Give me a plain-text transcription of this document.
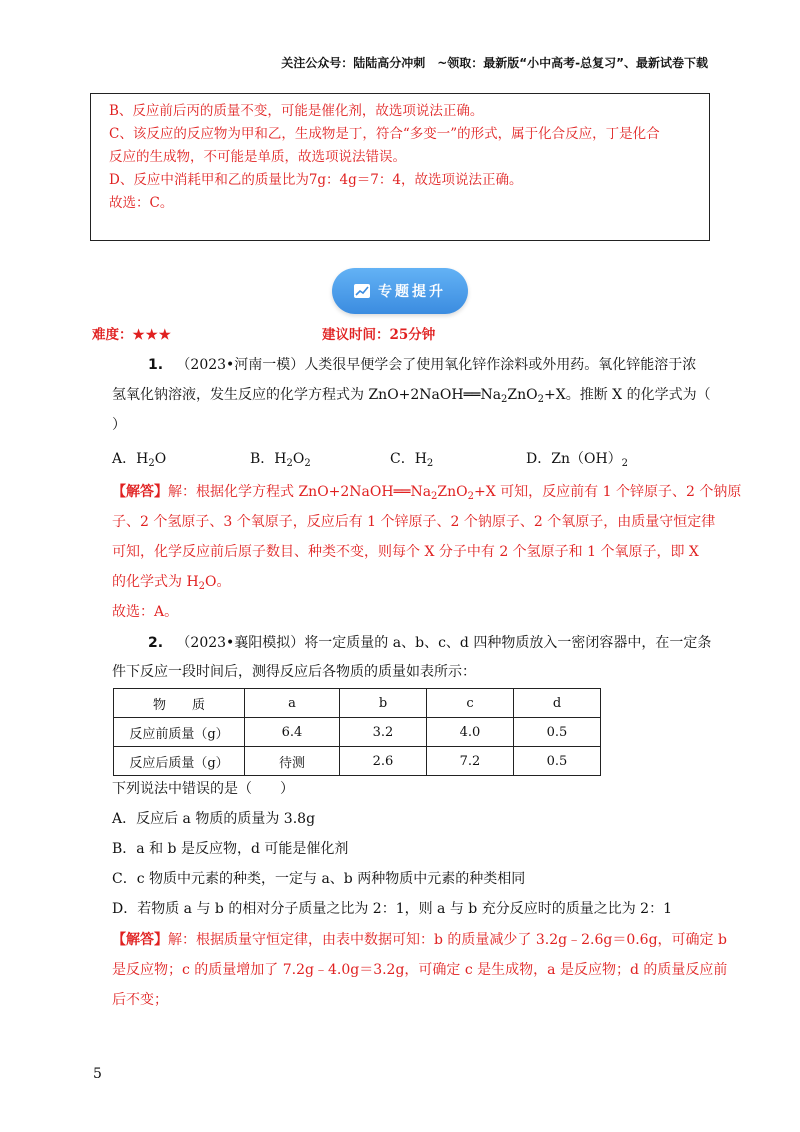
关注公众号：陆陆高分冲刺　~领取：最新版“小中高考-总复习”、最新试卷下载

B、反应前后丙的质量不变，可能是催化剂，故选项说法正确。

C、该反应的反应物为甲和乙，生成物是丁，符合“多变一”的形式，属于化合反应，丁是化合

反应的生成物，不可能是单质，故选项说法错误。

D、反应中消耗甲和乙的质量比为7g：4g＝7：4，故选项说法正确。

故选：C。

专题提升
难度：★★★	建议时间：25分钟
1. （2023•河南一模）人类很早便学会了使用氧化锌作涂料或外用药。氧化锌能溶于浓
氢氧化钠溶液，发生反应的化学方程式为 $ZnO+2NaOH══Na_2ZnO_2+X$。推断 X 的化学式为（
）
A．$H_2O$	B．$H_2O_2$	C．$H_2$	D．$Zn(OH)_2$
【解答】解：根据化学方程式 $ZnO+2NaOH══Na_2ZnO_2+X$ 可知，反应前有 1 个锌原子、2 个钠原
子、2 个氢原子、3 个氧原子，反应后有 1 个锌原子、2 个钠原子、2 个氧原子，由质量守恒定律
可知，化学反应前后原子数目、种类不变，则每个 X 分子中有 2 个氢原子和 1 个氧原子，即 X
的化学式为 $H_2O$。
故选：A。
2. （2023•襄阳模拟）将一定质量的 a、b、c、d 四种物质放入一密闭容器中，在一定条
件下反应一段时间后，测得反应后各物质的质量如表所示：
物　　质	a	b	c	d
反应前质量（g）	6.4	3.2	4.0	0.5
反应后质量（g）	待测	2.6	7.2	0.5
下列说法中错误的是（　　）
A．反应后 a 物质的质量为 3.8g
B．a 和 b 是反应物，d 可能是催化剂
C．c 物质中元素的种类，一定与 a、b 两种物质中元素的种类相同
D．若物质 a 与 b 的相对分子质量之比为 2：1，则 a 与 b 充分反应时的质量之比为 2：1
【解答】解：根据质量守恒定律，由表中数据可知：b 的质量减少了 3.2g﹣2.6g＝0.6g，可确定 b
是反应物；c 的质量增加了 7.2g﹣4.0g＝3.2g，可确定 c 是生成物，a 是反应物；d 的质量反应前
后不变；
5
